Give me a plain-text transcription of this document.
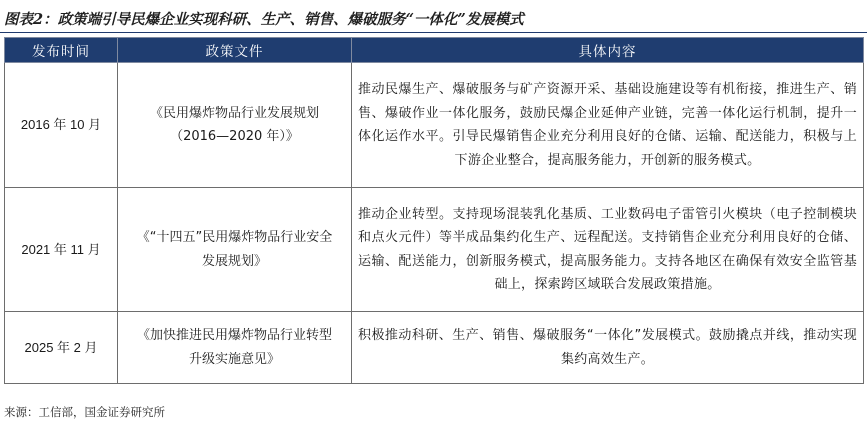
图表2：政策端引导民爆企业实现科研、生产、销售、爆破服务“一体化”发展模式
发布时间	政策文件	具体内容
2016 年 10 月	《民用爆炸物品行业发展规划（2016—2020 年）》	推动民爆生产、爆破服务与矿产资源开采、基础设施建设等有机衔接，推进生产、销售、爆破作业一体化服务，鼓励民爆企业延伸产业链，完善一体化运行机制，提升一体化运作水平。引导民爆销售企业充分利用良好的仓储、运输、配送能力，积极与上下游企业整合，提高服务能力，开创新的服务模式。
2021 年 11 月	《“十四五”民用爆炸物品行业安全发展规划》	推动企业转型。支持现场混装乳化基质、工业数码电子雷管引火模块（电子控制模块和点火元件）等半成品集约化生产、远程配送。支持销售企业充分利用良好的仓储、运输、配送能力，创新服务模式，提高服务能力。支持各地区在确保有效安全监管基础上，探索跨区域联合发展政策措施。
2025 年 2 月	《加快推进民用爆炸物品行业转型升级实施意见》	积极推动科研、生产、销售、爆破服务“一体化”发展模式。鼓励撬点并线，推动实现集约高效生产。
来源：工信部，国金证券研究所
